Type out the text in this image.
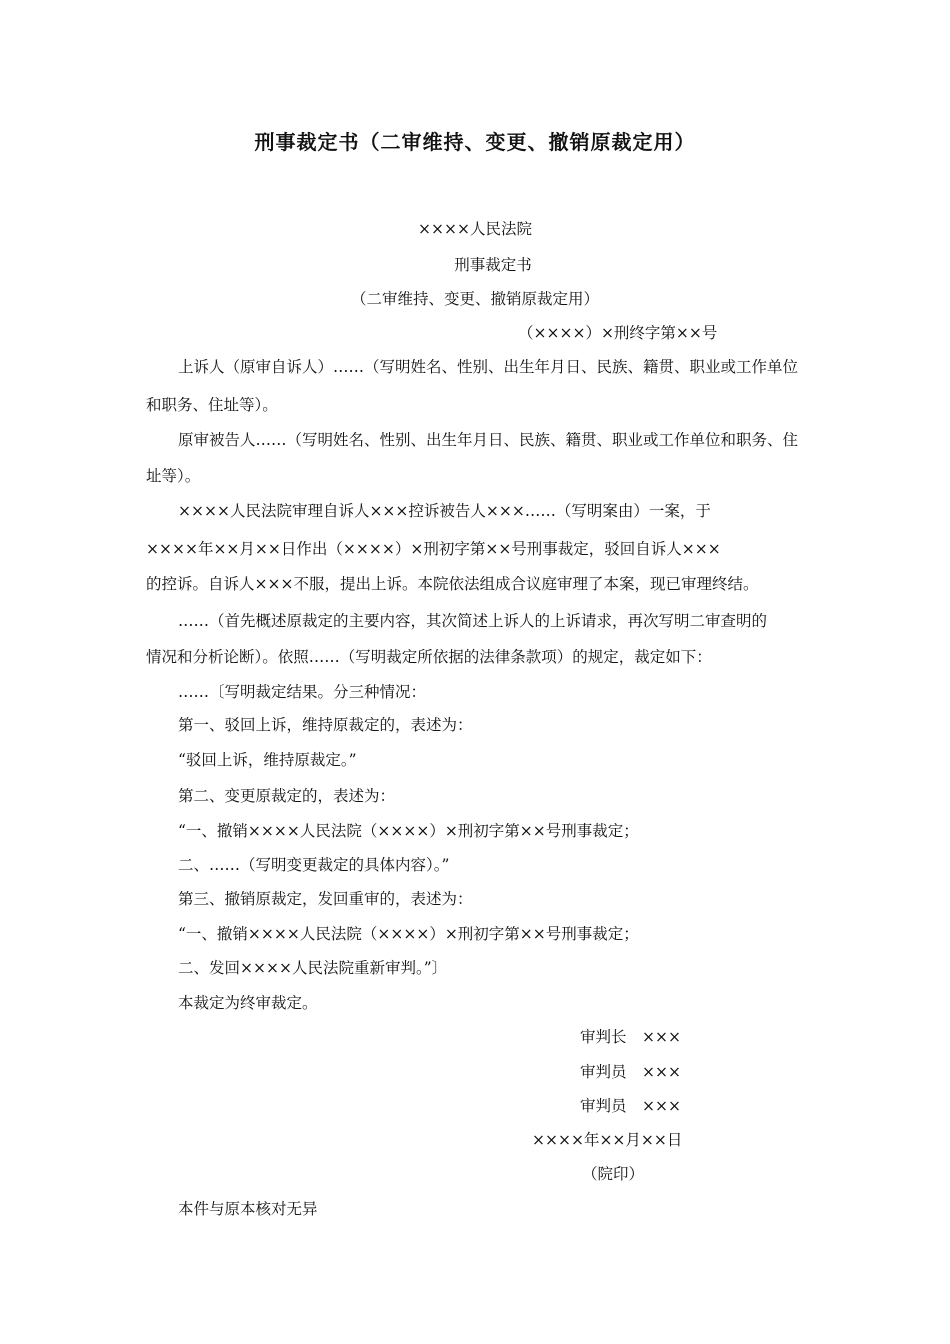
刑事裁定书（二审维持、变更、撤销原裁定用）
××××人民法院
刑事裁定书
（二审维持、变更、撤销原裁定用）
（××××）×刑终字第××号
上诉人（原审自诉人）……（写明姓名、性别、出生年月日、民族、籍贯、职业或工作单位
和职务、住址等）。
原审被告人……（写明姓名、性别、出生年月日、民族、籍贯、职业或工作单位和职务、住
址等）。
××××人民法院审理自诉人×××控诉被告人×××……（写明案由）一案，于
××××年××月××日作出（××××）×刑初字第××号刑事裁定，驳回自诉人×××
的控诉。自诉人×××不服，提出上诉。本院依法组成合议庭审理了本案，现已审理终结。
……（首先概述原裁定的主要内容，其次简述上诉人的上诉请求，再次写明二审查明的
情况和分析论断）。依照……（写明裁定所依据的法律条款项）的规定，裁定如下：
……〔写明裁定结果。分三种情况：
第一、驳回上诉，维持原裁定的，表述为：
“驳回上诉，维持原裁定。”
第二、变更原裁定的，表述为：
“一、撤销××××人民法院（××××）×刑初字第××号刑事裁定；
二、……（写明变更裁定的具体内容）。”
第三、撤销原裁定，发回重审的，表述为：
“一、撤销××××人民法院（××××）×刑初字第××号刑事裁定；
二、发回××××人民法院重新审判。”〕
本裁定为终审裁定。
审判长　×××
审判员　×××
审判员　×××
××××年××月××日
（院印）
本件与原本核对无异
